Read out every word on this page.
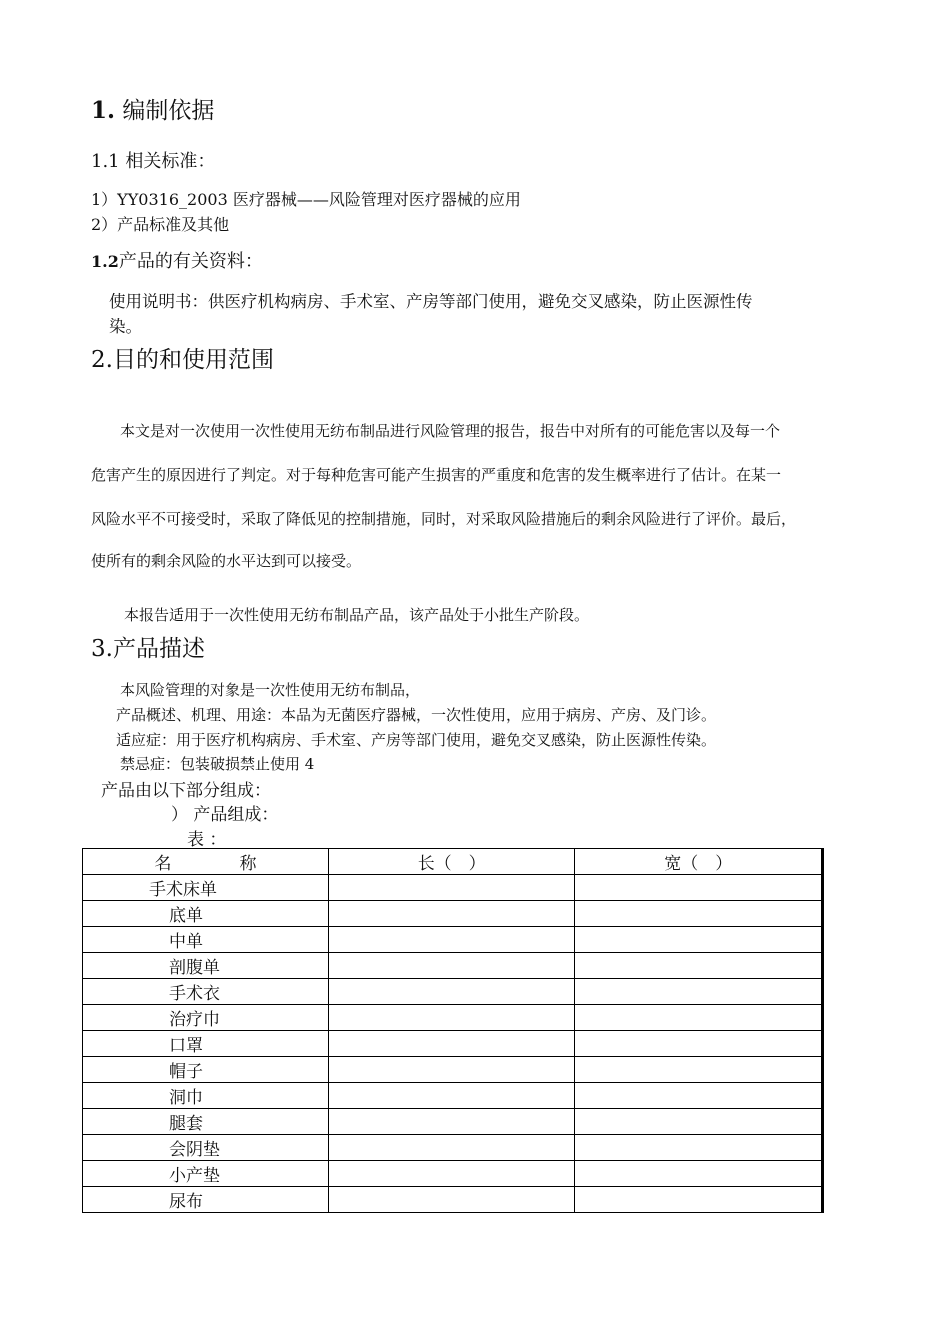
1. 编制依据
1.1 相关标准：
1）YY0316_2003 医疗器械——风险管理对医疗器械的应用
2）产品标准及其他
1.2产品的有关资料：
使用说明书：供医疗机构病房、手术室、产房等部门使用，避免交叉感染，防止医源性传
染。
2.目的和使用范围
本文是对一次使用一次性使用无纺布制品进行风险管理的报告，报告中对所有的可能危害以及每一个
危害产生的原因进行了判定。对于每种危害可能产生损害的严重度和危害的发生概率进行了估计。在某一
风险水平不可接受时，采取了降低见的控制措施，同时，对采取风险措施后的剩余风险进行了评价。最后，
使所有的剩余风险的水平达到可以接受。
本报告适用于一次性使用无纺布制品产品，该产品处于小批生产阶段。
3.产品描述
本风险管理的对象是一次性使用无纺布制品，
产品概述、机理、用途：本品为无菌医疗器械，一次性使用，应用于病房、产房、及门诊。
适应症：用于医疗机构病房、手术室、产房等部门使用，避免交叉感染，防止医源性传染。
禁忌症：包装破损禁止使用 4
产品由以下部分组成：
） 产品组成：
表 ：
名　　　　称	长（　）	宽（　）
手术床单		
底单		
中单		
剖腹单		
手术衣		
治疗巾		
口罩		
帽子		
洞巾		
腿套		
会阴垫		
小产垫		
尿布		
